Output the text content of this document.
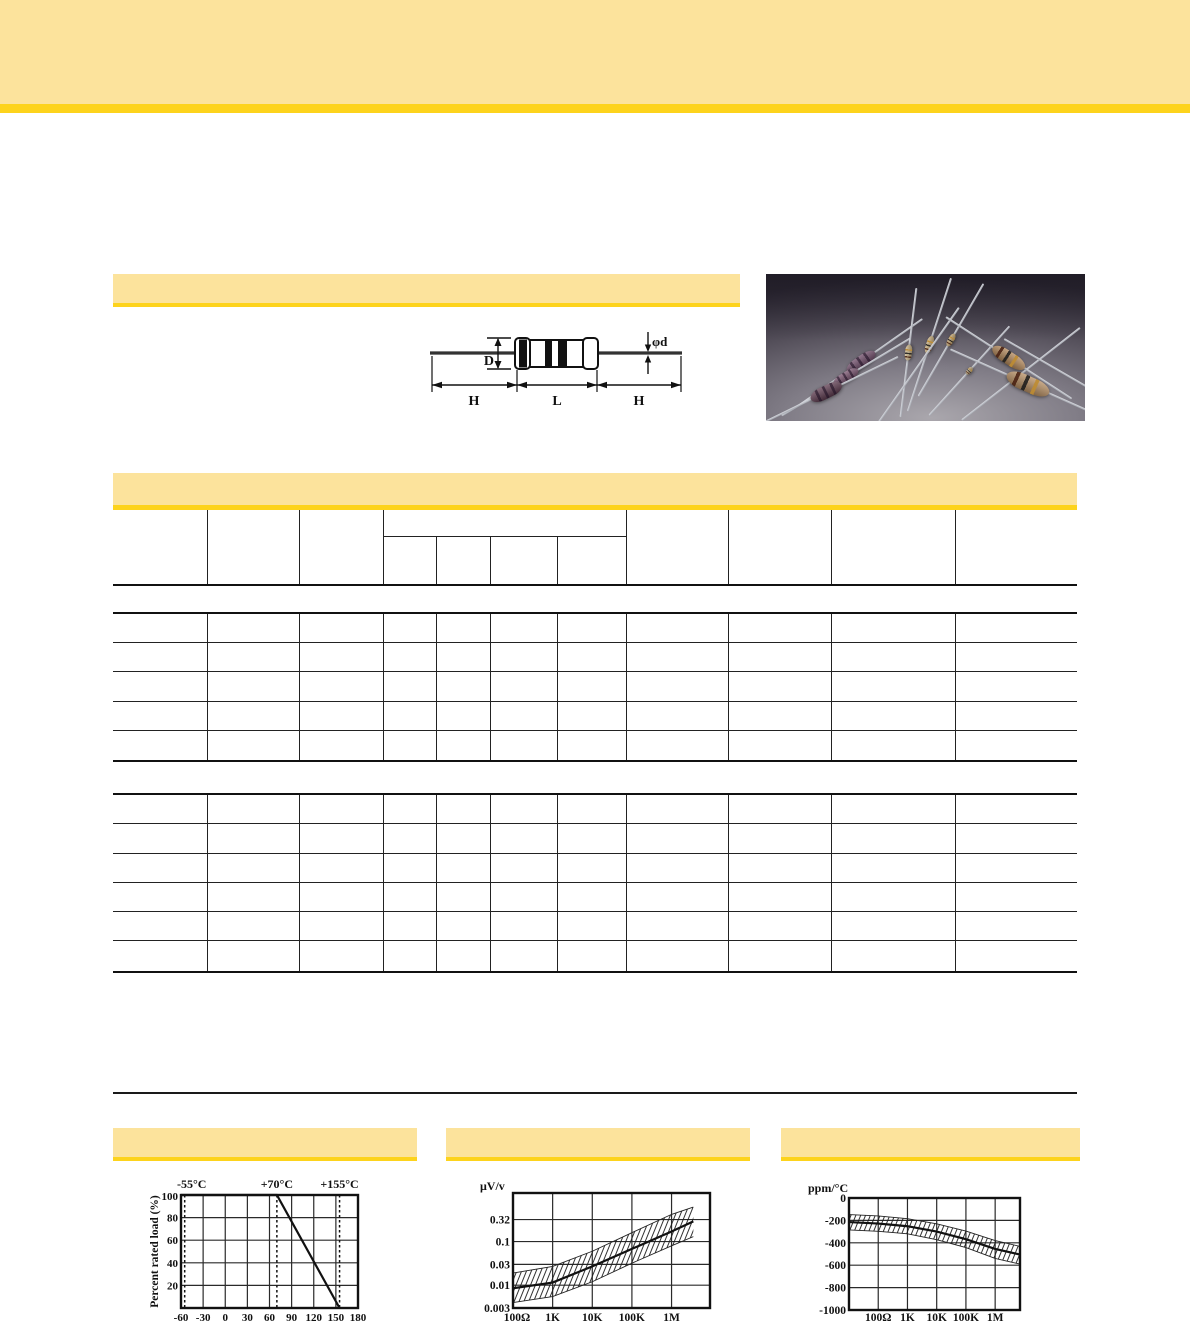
D
φd
H	L	H
-60 -30 0 30 60 90 120 150 180
100
80
60
40
20
-55°C	+70°C +155°C
Percent rated load (%)
100Ω 1K 10K 100K 1M
0.32
0.1
0.03
0.01
0.003
μV/v
100Ω 1K 10K 100K 1M
0
-200
-400
-600
-800
-1000
ppm/°C
